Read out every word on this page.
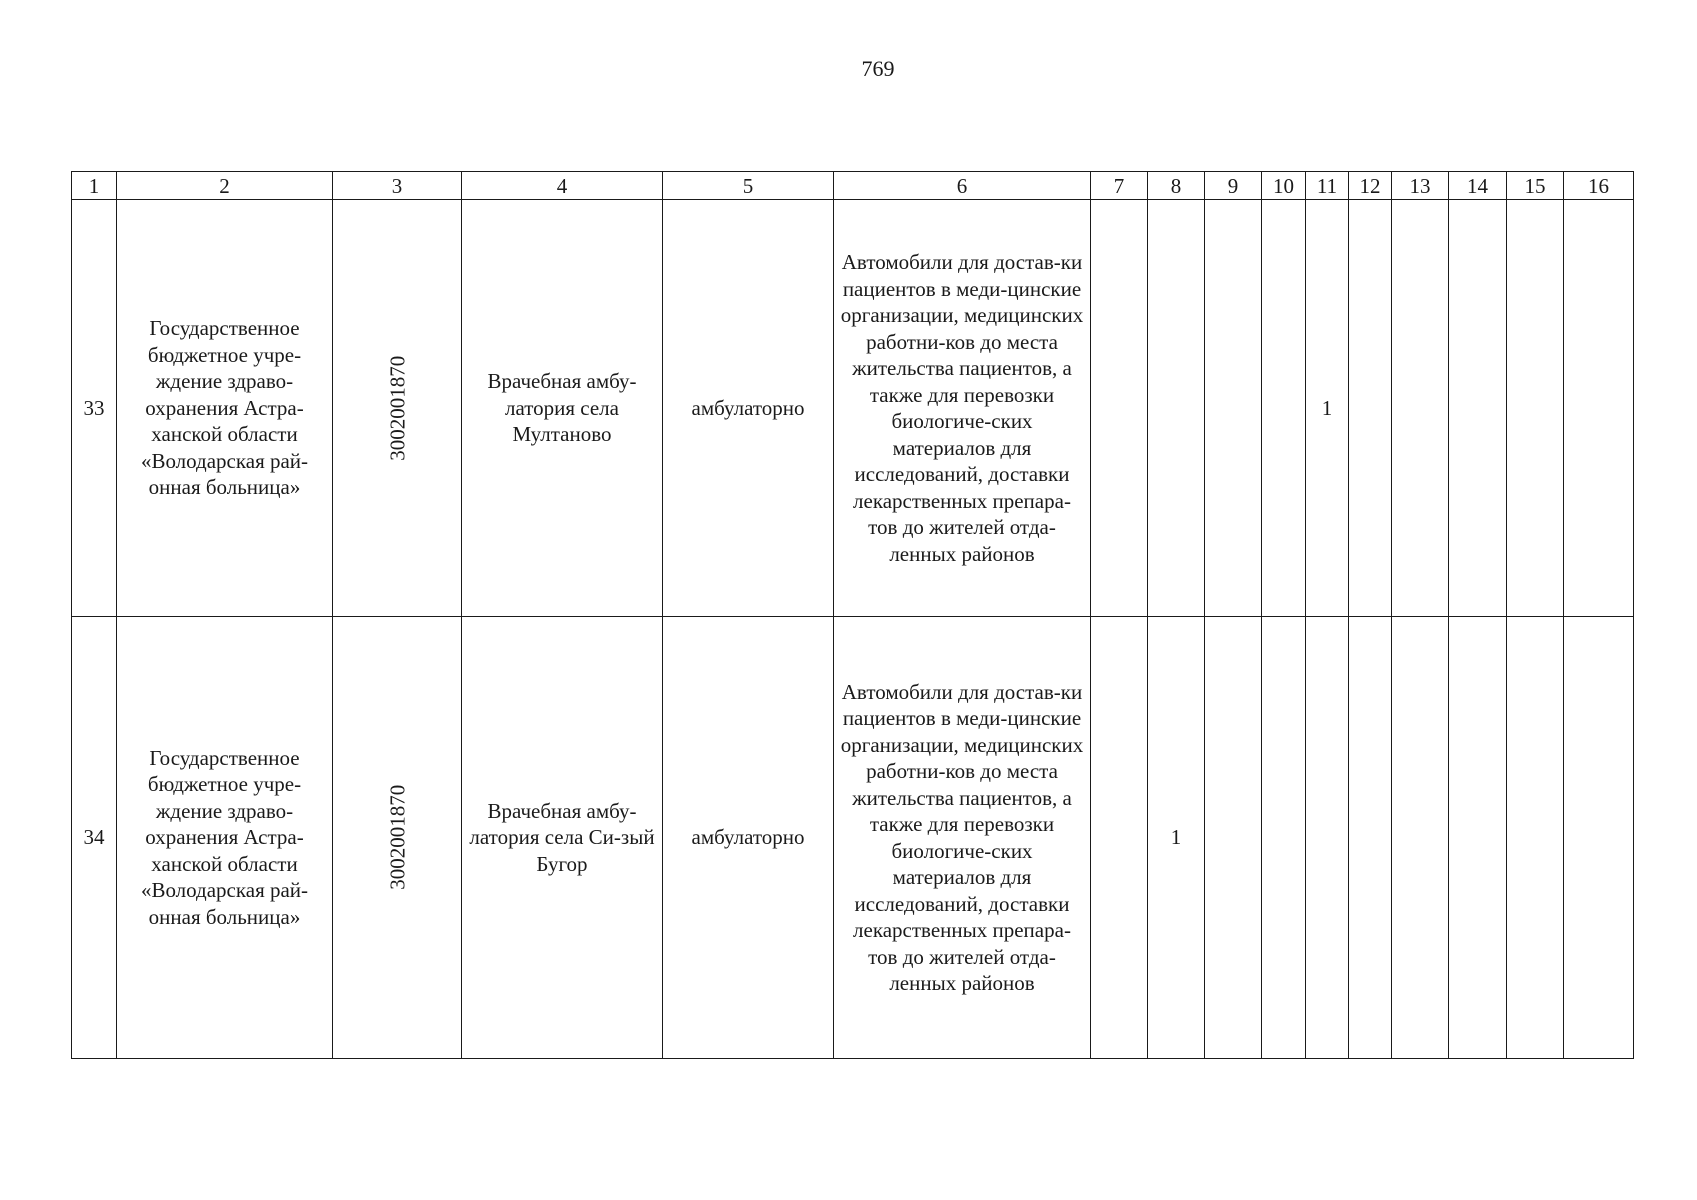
769
1	2	3	4	5	6	7	8	9	10	11	12	13	14	15	16
33	Государственное бюджетное учре-ждение здраво-охранения Астра-ханской области «Володарская рай-онная больница»	3002001870	Врачебная амбу-латория села Мултаново	амбулаторно	Автомобили для достав-ки пациентов в меди-цинские организации, медицинских работни-ков до места жительства пациентов, а также для перевозки биологиче-ских материалов для исследований, доставки лекарственных препара-тов до жителей отда-ленных районов					1					
34	Государственное бюджетное учре-ждение здраво-охранения Астра-ханской области «Володарская рай-онная больница»	3002001870	Врачебная амбу-латория села Си-зый Бугор	амбулаторно	Автомобили для достав-ки пациентов в меди-цинские организации, медицинских работни-ков до места жительства пациентов, а также для перевозки биологиче-ских материалов для исследований, доставки лекарственных препара-тов до жителей отда-ленных районов		1								
